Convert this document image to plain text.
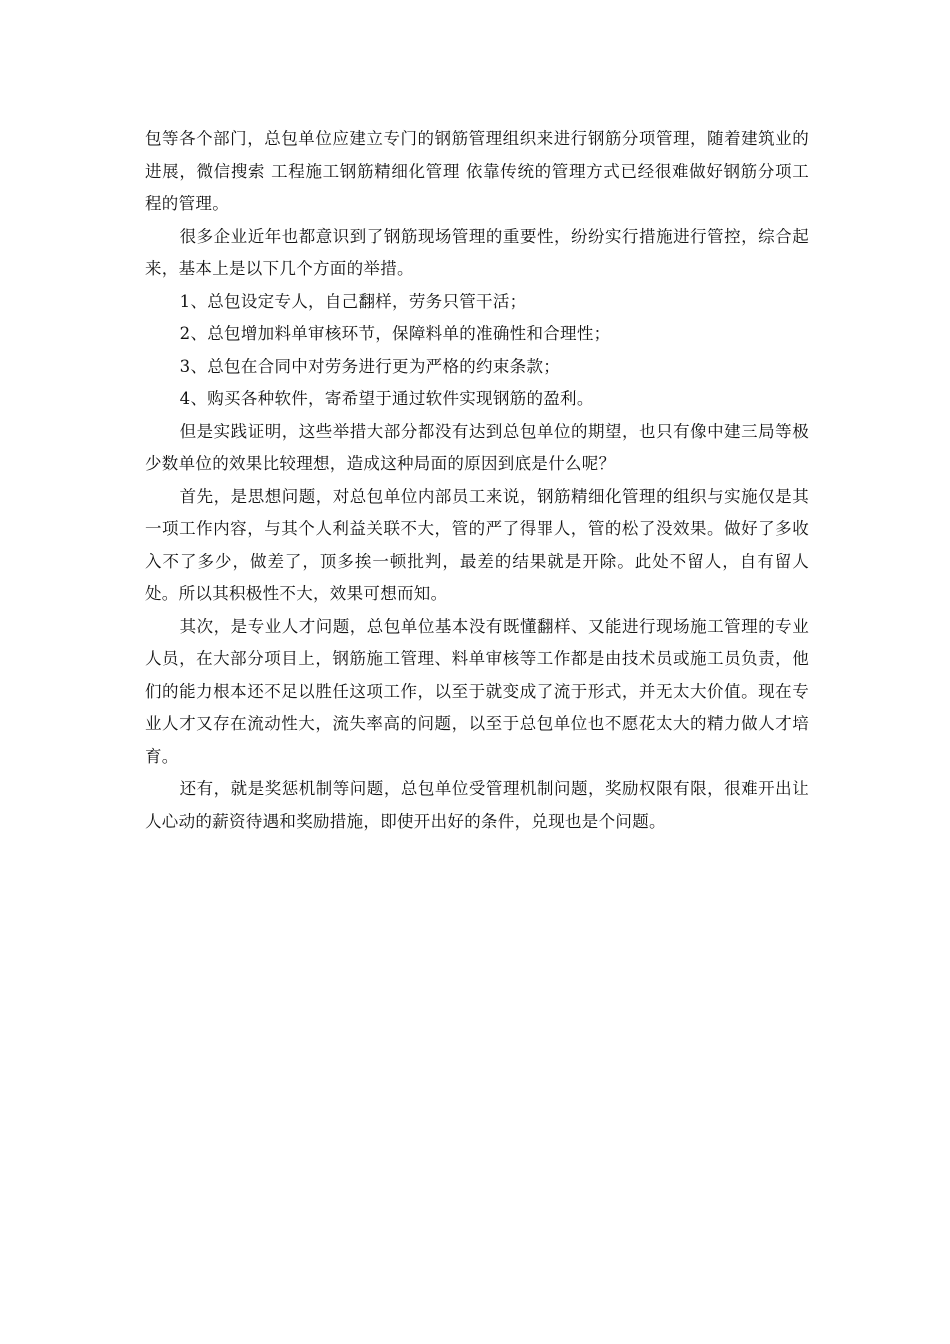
包等各个部门，总包单位应建立专门的钢筋管理组织来进行钢筋分项管理，随着建筑业的进展，微信搜索 工程施工钢筋精细化管理 依靠传统的管理方式已经很难做好钢筋分项工程的管理。

很多企业近年也都意识到了钢筋现场管理的重要性，纷纷实行措施进行管控，综合起来，基本上是以下几个方面的举措。

1、总包设定专人，自己翻样，劳务只管干活；

2、总包增加料单审核环节，保障料单的准确性和合理性；

3、总包在合同中对劳务进行更为严格的约束条款；

4、购买各种软件，寄希望于通过软件实现钢筋的盈利。

但是实践证明，这些举措大部分都没有达到总包单位的期望，也只有像中建三局等极少数单位的效果比较理想，造成这种局面的原因到底是什么呢？

首先，是思想问题，对总包单位内部员工来说，钢筋精细化管理的组织与实施仅是其一项工作内容，与其个人利益关联不大，管的严了得罪人，管的松了没效果。做好了多收入不了多少，做差了，顶多挨一顿批判，最差的结果就是开除。此处不留人，自有留人处。所以其积极性不大，效果可想而知。

其次，是专业人才问题，总包单位基本没有既懂翻样、又能进行现场施工管理的专业人员，在大部分项目上，钢筋施工管理、料单审核等工作都是由技术员或施工员负责，他们的能力根本还不足以胜任这项工作，以至于就变成了流于形式，并无太大价值。现在专业人才又存在流动性大，流失率高的问题，以至于总包单位也不愿花太大的精力做人才培育。

还有，就是奖惩机制等问题，总包单位受管理机制问题，奖励权限有限，很难开出让人心动的薪资待遇和奖励措施，即使开出好的条件，兑现也是个问题。
